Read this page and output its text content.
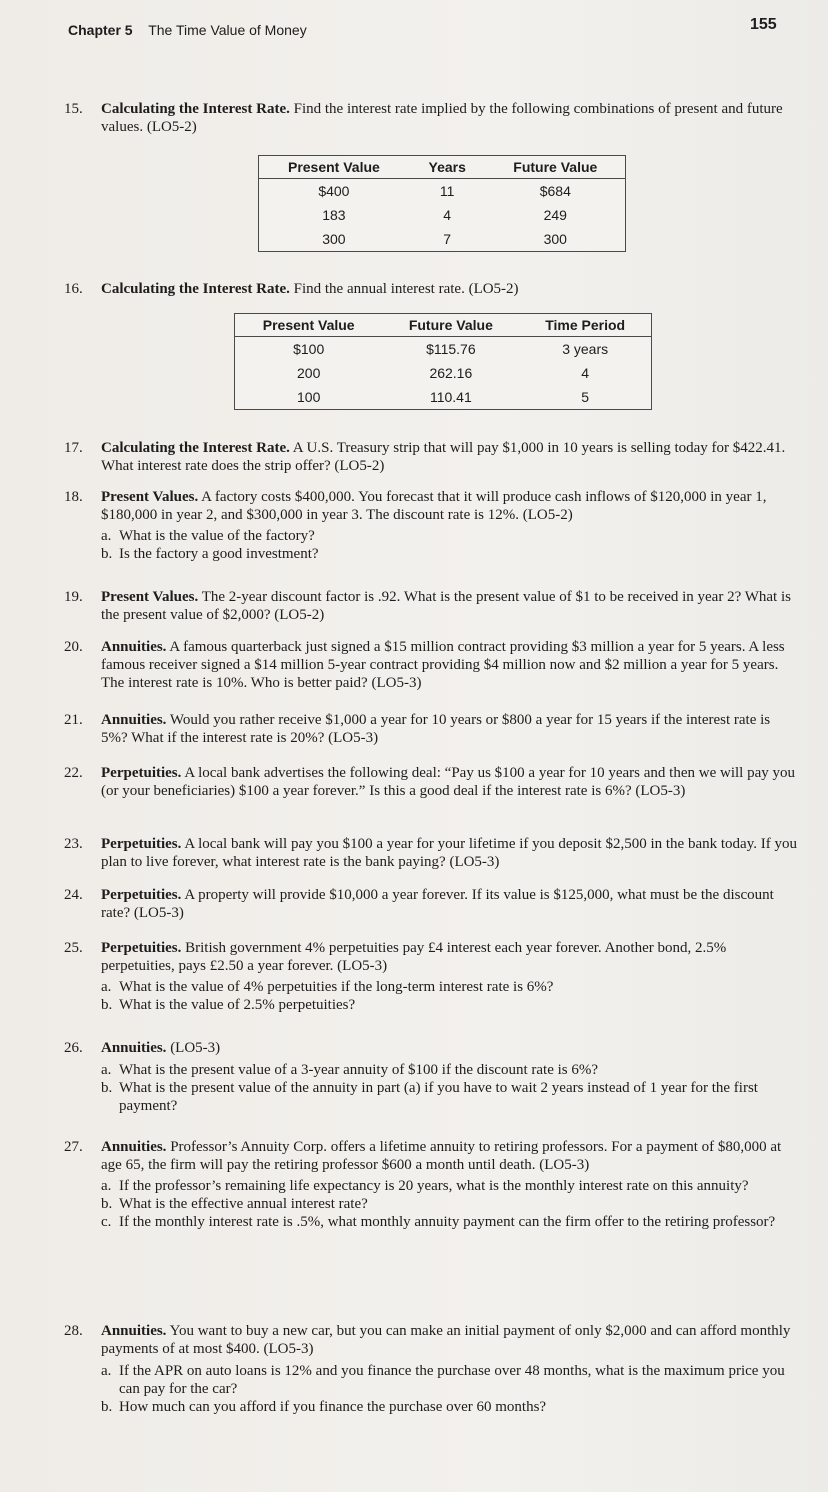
Chapter 5 The Time Value of Money	155
15. Calculating the Interest Rate. Find the interest rate implied by the following combinations of present and future values. (LO5-2)
Present Value	Years	Future Value
$400	11	$684
183	4	249
300	7	300
16. Calculating the Interest Rate. Find the annual interest rate. (LO5-2)
Present Value	Future Value	Time Period
$100	$115.76	3 years
200	262.16	4
100	110.41	5
17. Calculating the Interest Rate. A U.S. Treasury strip that will pay $1,000 in 10 years is selling today for $422.41. What interest rate does the strip offer? (LO5-2)
18. Present Values. A factory costs $400,000. You forecast that it will produce cash inflows of $120,000 in year 1, $180,000 in year 2, and $300,000 in year 3. The discount rate is 12%. (LO5-2)
a. What is the value of the factory?
b. Is the factory a good investment?
19. Present Values. The 2-year discount factor is .92. What is the present value of $1 to be received in year 2? What is the present value of $2,000? (LO5-2)
20. Annuities. A famous quarterback just signed a $15 million contract providing $3 million a year for 5 years. A less famous receiver signed a $14 million 5-year contract providing $4 million now and $2 million a year for 5 years. The interest rate is 10%. Who is better paid? (LO5-3)
21. Annuities. Would you rather receive $1,000 a year for 10 years or $800 a year for 15 years if the interest rate is 5%? What if the interest rate is 20%? (LO5-3)
22. Perpetuities. A local bank advertises the following deal: “Pay us $100 a year for 10 years and then we will pay you (or your beneficiaries) $100 a year forever.” Is this a good deal if the interest rate is 6%? (LO5-3)
23. Perpetuities. A local bank will pay you $100 a year for your lifetime if you deposit $2,500 in the bank today. If you plan to live forever, what interest rate is the bank paying? (LO5-3)
24. Perpetuities. A property will provide $10,000 a year forever. If its value is $125,000, what must be the discount rate? (LO5-3)
25. Perpetuities. British government 4% perpetuities pay £4 interest each year forever. Another bond, 2.5% perpetuities, pays £2.50 a year forever. (LO5-3)
a. What is the value of 4% perpetuities if the long-term interest rate is 6%?
b. What is the value of 2.5% perpetuities?
26. Annuities. (LO5-3)
a. What is the present value of a 3-year annuity of $100 if the discount rate is 6%?
b. What is the present value of the annuity in part (a) if you have to wait 2 years instead of 1 year for the first payment?
27. Annuities. Professor’s Annuity Corp. offers a lifetime annuity to retiring professors. For a payment of $80,000 at age 65, the firm will pay the retiring professor $600 a month until death. (LO5-3)
a. If the professor’s remaining life expectancy is 20 years, what is the monthly interest rate on this annuity?
b. What is the effective annual interest rate?
c. If the monthly interest rate is .5%, what monthly annuity payment can the firm offer to the retiring professor?
28. Annuities. You want to buy a new car, but you can make an initial payment of only $2,000 and can afford monthly payments of at most $400. (LO5-3)
a. If the APR on auto loans is 12% and you finance the purchase over 48 months, what is the maximum price you can pay for the car?
b. How much can you afford if you finance the purchase over 60 months?
